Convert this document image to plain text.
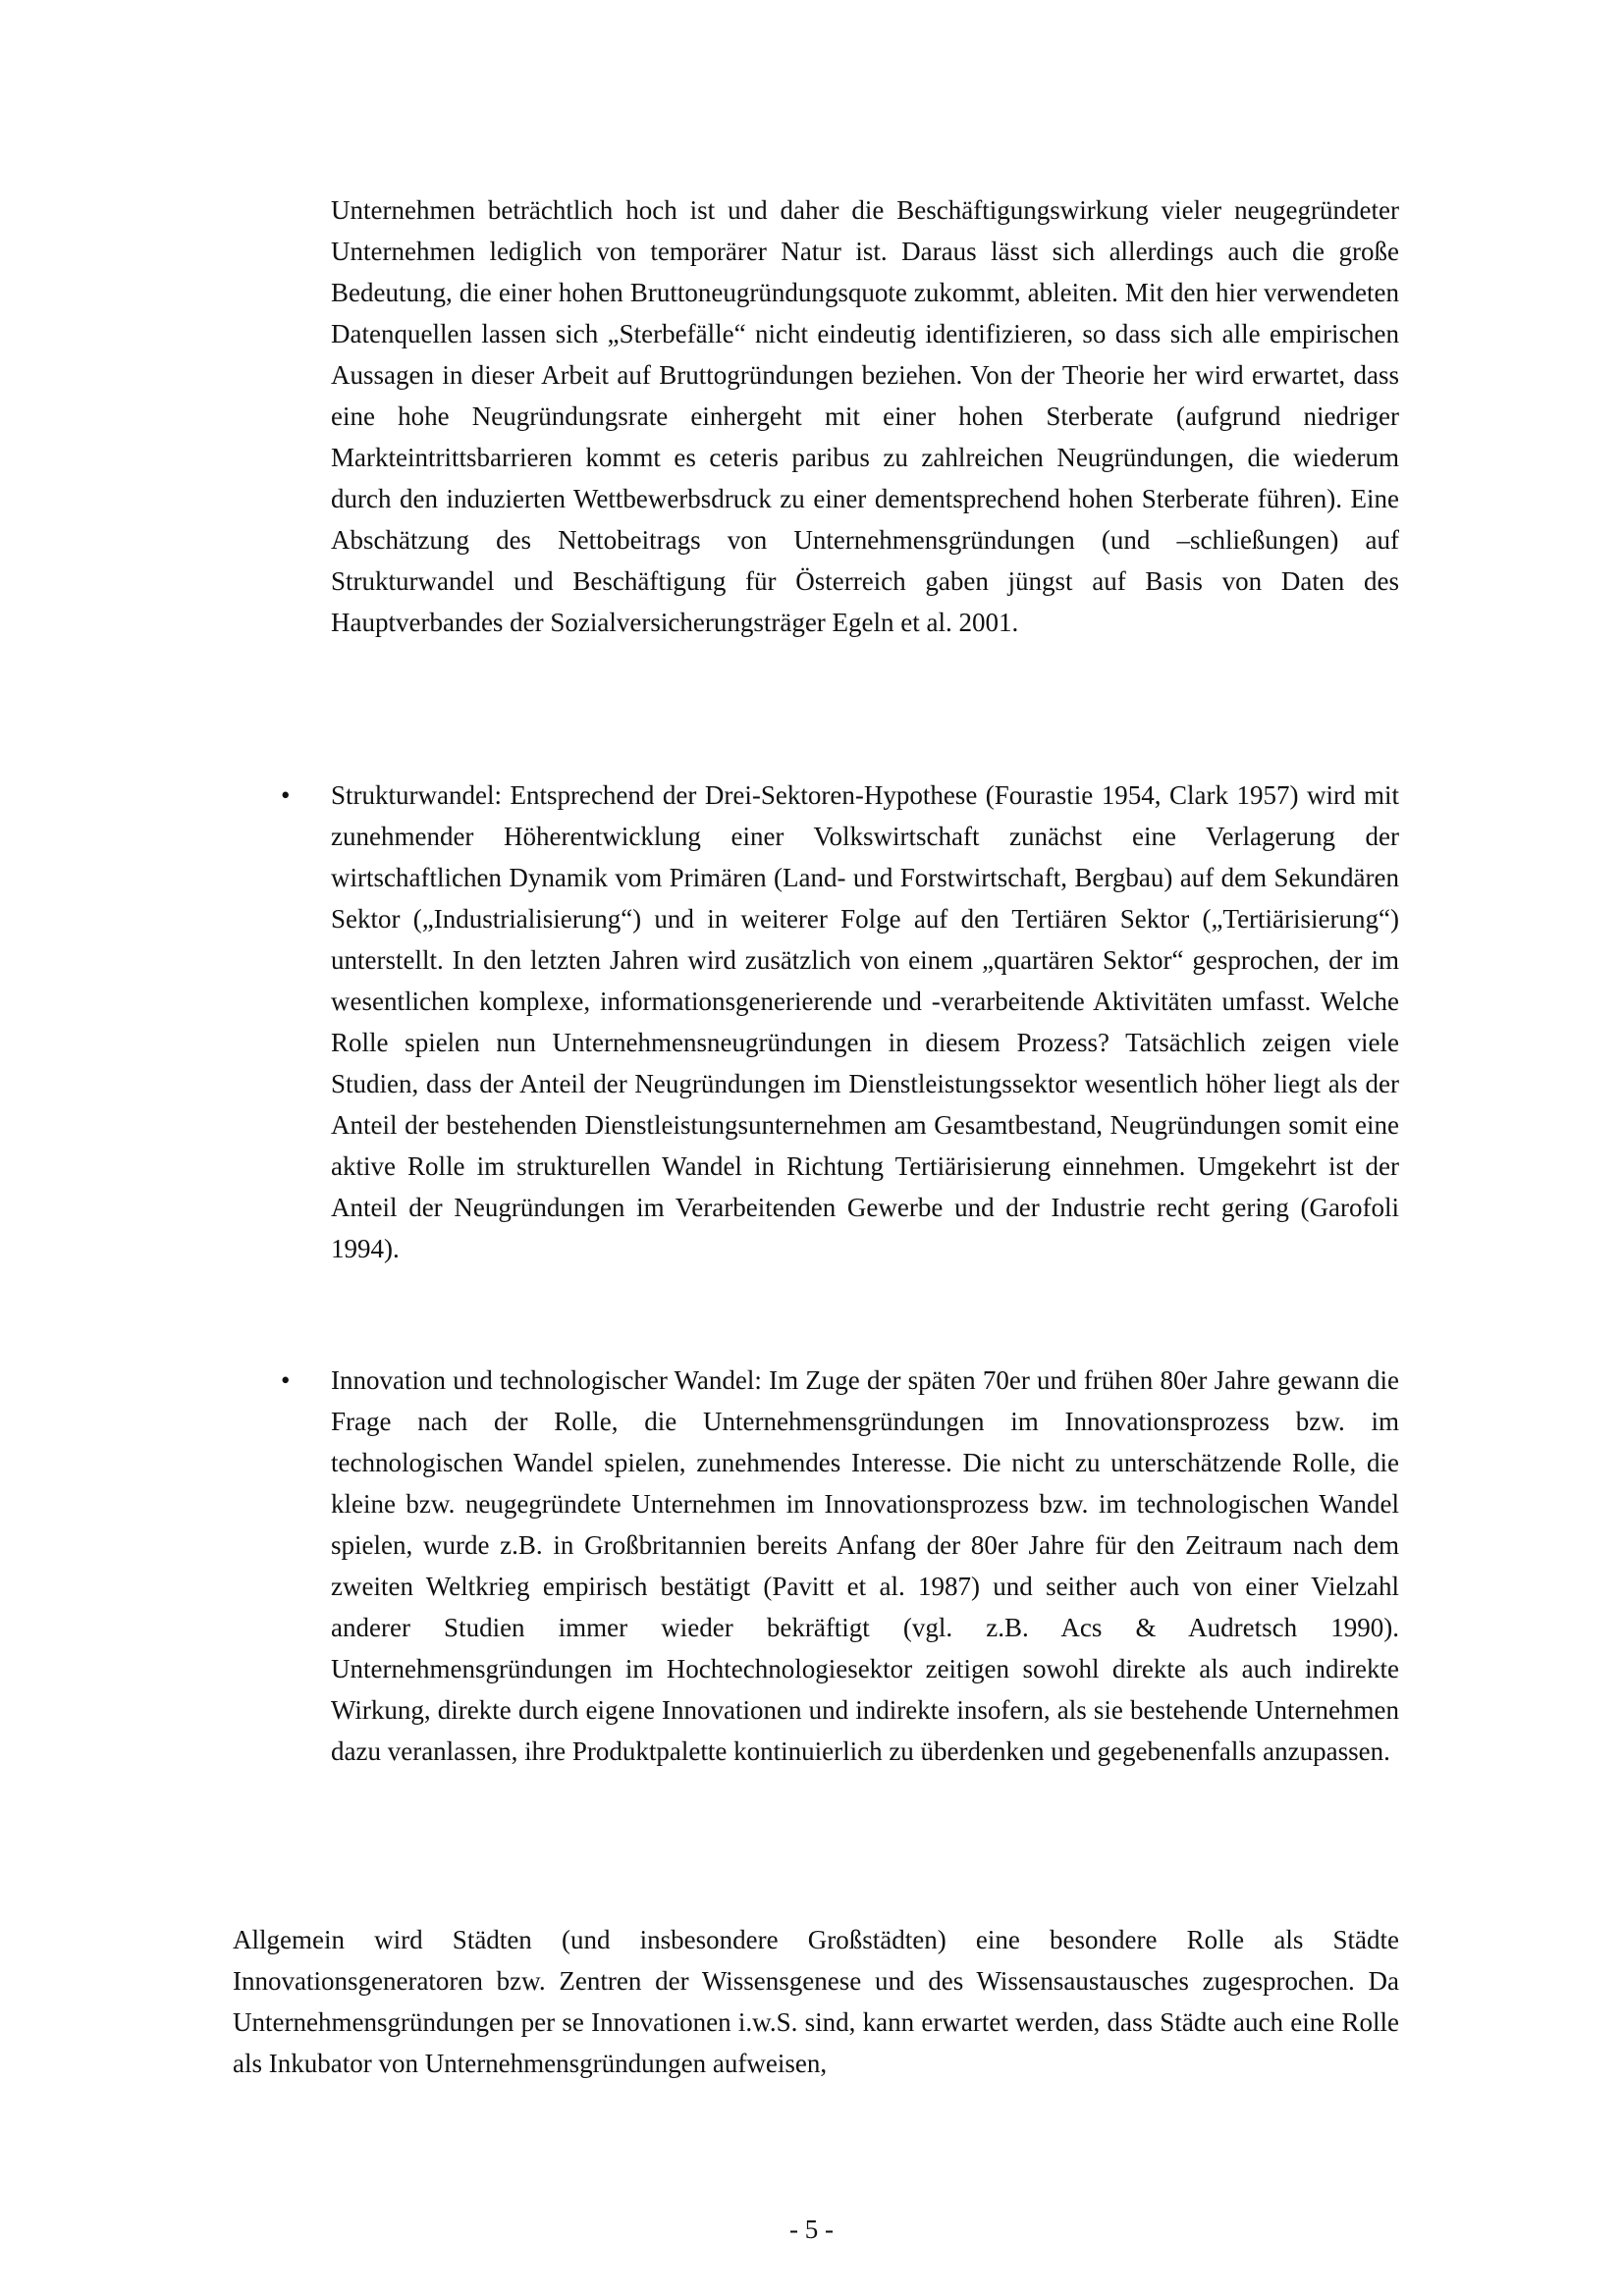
Unternehmen beträchtlich hoch ist und daher die Beschäftigungswirkung vieler neugegründeter Unternehmen lediglich von temporärer Natur ist. Daraus lässt sich allerdings auch die große Bedeutung, die einer hohen Bruttoneugründungsquote zukommt, ableiten. Mit den hier verwendeten Datenquellen lassen sich „Sterbefälle“ nicht eindeutig identifizieren, so dass sich alle empirischen Aussagen in dieser Arbeit auf Bruttogründungen beziehen. Von der Theorie her wird erwartet, dass eine hohe Neugründungsrate einhergeht mit einer hohen Sterberate (aufgrund niedriger Markteintrittsbarrieren kommt es ceteris paribus zu zahlreichen Neugründungen, die wiederum durch den induzierten Wettbewerbsdruck zu einer dementsprechend hohen Sterberate führen). Eine Abschätzung des Nettobeitrags von Unternehmensgründungen (und –schließungen) auf Strukturwandel und Beschäftigung für Österreich gaben jüngst auf Basis von Daten des Hauptverbandes der Sozialversicherungsträger Egeln et al. 2001.

• Strukturwandel: Entsprechend der Drei-Sektoren-Hypothese (Fourastie 1954, Clark 1957) wird mit zunehmender Höherentwicklung einer Volkswirtschaft zunächst eine Verlagerung der wirtschaftlichen Dynamik vom Primären (Land- und Forstwirtschaft, Bergbau) auf dem Sekundären Sektor („Industrialisierung“) und in weiterer Folge auf den Tertiären Sektor („Tertiärisierung“) unterstellt. In den letzten Jahren wird zusätzlich von einem „quartären Sektor“ gesprochen, der im wesentlichen komplexe, informationsgenerierende und -verarbeitende Aktivitäten umfasst. Welche Rolle spielen nun Unternehmensneugründungen in diesem Prozess? Tatsächlich zeigen viele Studien, dass der Anteil der Neugründungen im Dienstleistungssektor wesentlich höher liegt als der Anteil der bestehenden Dienstleistungsunternehmen am Gesamtbestand, Neugründungen somit eine aktive Rolle im strukturellen Wandel in Richtung Tertiärisierung einnehmen. Umgekehrt ist der Anteil der Neugründungen im Verarbeitenden Gewerbe und der Industrie recht gering (Garofoli 1994).

• Innovation und technologischer Wandel: Im Zuge der späten 70er und frühen 80er Jahre gewann die Frage nach der Rolle, die Unternehmensgründungen im Innovationsprozess bzw. im technologischen Wandel spielen, zunehmendes Interesse. Die nicht zu unterschätzende Rolle, die kleine bzw. neugegründete Unternehmen im Innovationsprozess bzw. im technologischen Wandel spielen, wurde z.B. in Großbritannien bereits Anfang der 80er Jahre für den Zeitraum nach dem zweiten Weltkrieg empirisch bestätigt (Pavitt et al. 1987) und seither auch von einer Vielzahl anderer Studien immer wieder bekräftigt (vgl. z.B. Acs & Audretsch 1990). Unternehmensgründungen im Hochtechnologiesektor zeitigen sowohl direkte als auch indirekte Wirkung, direkte durch eigene Innovationen und indirekte insofern, als sie bestehende Unternehmen dazu veranlassen, ihre Produktpalette kontinuierlich zu überdenken und gegebenenfalls anzupassen.

Allgemein wird Städten (und insbesondere Großstädten) eine besondere Rolle als Städte Innovationsgeneratoren bzw. Zentren der Wissensgenese und des Wissensaustausches zugesprochen. Da Unternehmensgründungen per se Innovationen i.w.S. sind, kann erwartet werden, dass Städte auch eine Rolle als Inkubator von Unternehmensgründungen aufweisen,

- 5 -
